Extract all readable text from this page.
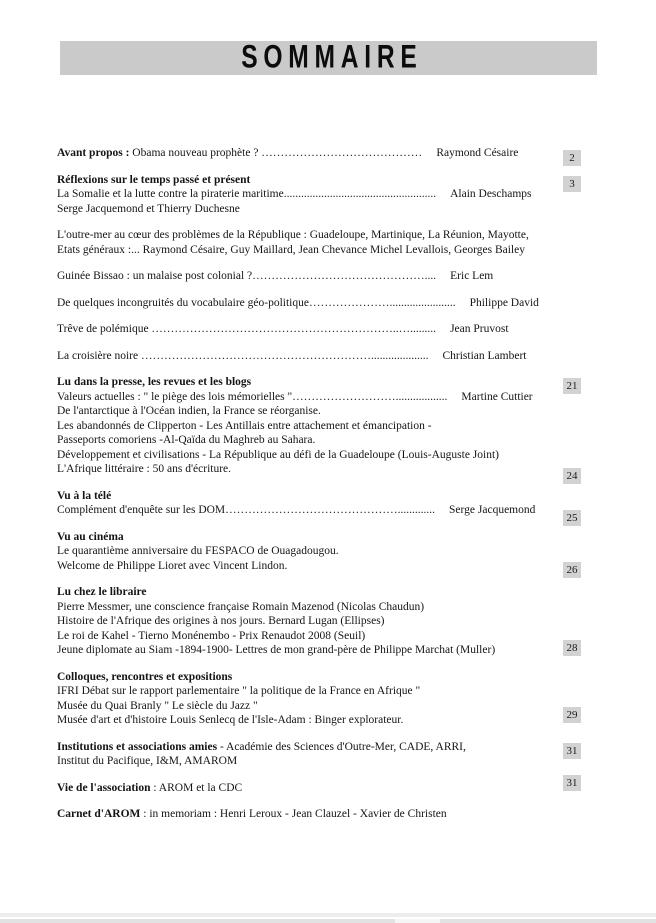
SOMMAIRE

Avant propos : Obama nouveau prophète ? …………………………………… Raymond Césaire

Réflexions sur le temps passé et présent

La Somalie et la lutte contre la piraterie maritime..................................................... Alain Deschamps

Serge Jacquemond et Thierry Duchesne

L'outre-mer au cœur des problèmes de la République : Guadeloupe, Martinique, La Réunion, Mayotte,

Etats généraux :... Raymond Césaire, Guy Maillard, Jean Chevance Michel Levallois, Georges Bailey

Guinée Bissao : un malaise post colonial ?……………………………………….... Eric Lem

De quelques incongruités du vocabulaire géo-politique…………………....................... Philippe David

Trêve de polémique ………………………………………………………..…......... Jean Pruvost

La croisière noire …………………………………………………….................... Christian Lambert

Lu dans la presse, les revues et les blogs

Valeurs actuelles : " le piège des lois mémorielles "……………………….................. Martine Cuttier

De l'antarctique à l'Océan indien, la France se réorganise.

Les abandonnés de Clipperton - Les Antillais entre attachement et émancipation -

Passeports comoriens -Al-Qaïda du Maghreb au Sahara.

Développement et civilisations - La République au défi de la Guadeloupe (Louis-Auguste Joint)

L'Afrique littéraire : 50 ans d'écriture.

Vu à la télé

Complément d'enquête sur les DOM………………………………………............. Serge Jacquemond

Vu au cinéma

Le quarantième anniversaire du FESPACO de Ouagadougou.

Welcome de Philippe Lioret avec Vincent Lindon.

Lu chez le libraire

Pierre Messmer, une conscience française Romain Mazenod (Nicolas Chaudun)

Histoire de l'Afrique des origines à nos jours. Bernard Lugan (Ellipses)

Le roi de Kahel - Tierno Monénembo - Prix Renaudot 2008 (Seuil)

Jeune diplomate au Siam -1894-1900- Lettres de mon grand-père de Philippe Marchat (Muller)

Colloques, rencontres et expositions

IFRI Débat sur le rapport parlementaire " la politique de la France en Afrique "

Musée du Quai Branly " Le siècle du Jazz "

Musée d'art et d'histoire Louis Senlecq de l'Isle-Adam : Binger explorateur.

Institutions et associations amies - Académie des Sciences d'Outre-Mer, CADE, ARRI,

Institut du Pacifique, I&M, AMAROM

Vie de l'association : AROM et la CDC

Carnet d'AROM : in memoriam : Henri Leroux - Jean Clauzel - Xavier de Christen

2
3
21
24
25
26
28
29
31
31
